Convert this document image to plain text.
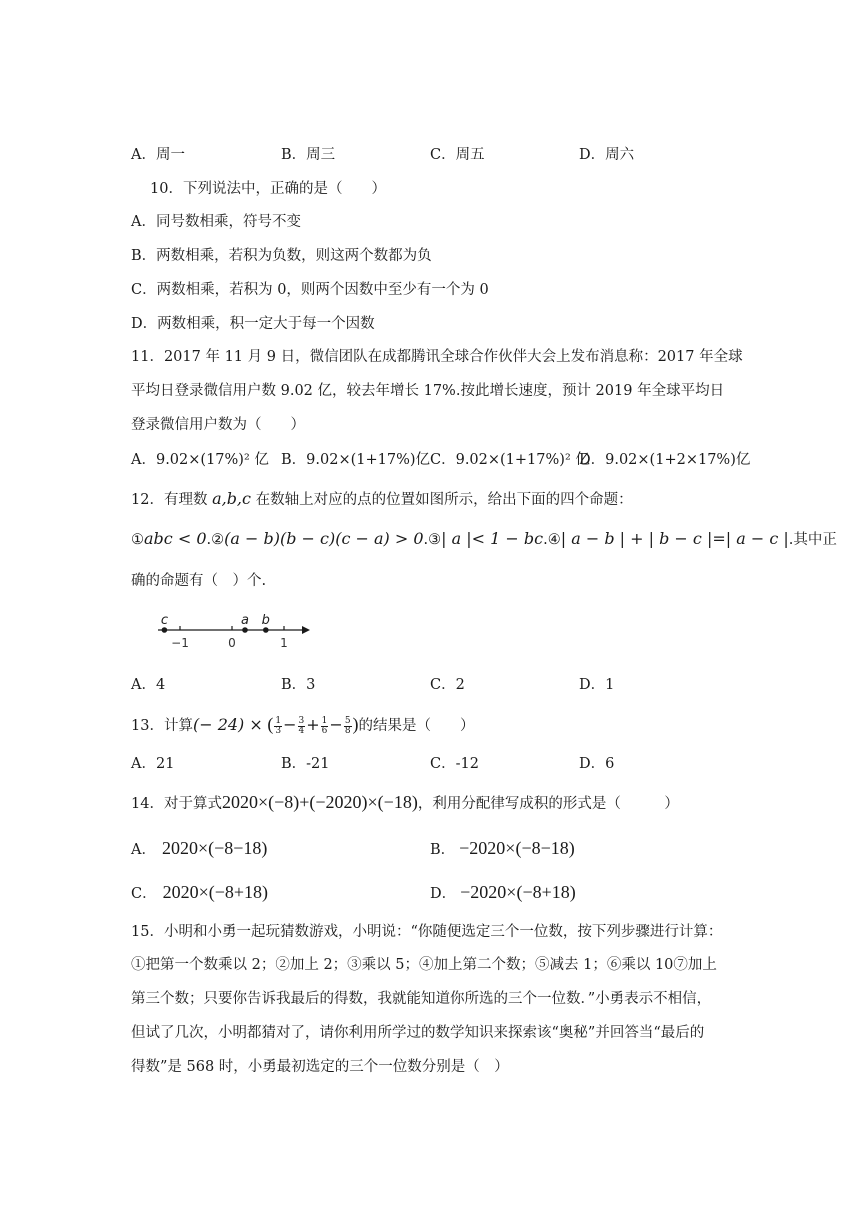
A．周一	B．周三	C．周五	D．周六
10．下列说法中，正确的是（　　）
A．同号数相乘，符号不变
B．两数相乘，若积为负数，则这两个数都为负
C．两数相乘，若积为 0，则两个因数中至少有一个为 0
D．两数相乘，积一定大于每一个因数
11．2017 年 11 月 9 日，微信团队在成都腾讯全球合作伙伴大会上发布消息称：2017 年全球
平均日登录微信用户数 9.02 亿，较去年增长 17%.按此增长速度，预计 2019 年全球平均日
登录微信用户数为（　　）
A．9.02×(17%)² 亿 B．9.02×(1+17%)亿 C．9.02×(1+17%)² 亿
D．9.02×(1+2×17%)亿
12．有理数 a,b,c 在数轴上对应的点的位置如图所示，给出下面的四个命题：
①abc < 0.②(a − b)(b − c)(c − a) > 0.③| a |< 1 − bc.④| a − b | + | b − c |=| a − c |.其中正
确的命题有（　）个.
−1	0	1
c	a b
A．4	B．3	C．2	D．1
13．计算(− 24) × ( $\frac{1}{3} - \frac{3}{4} + \frac{1}{6} - \frac{5}{8}$ )的结果是（　　）
A．21	B．-21	C．-12	D．6
14．对于算式2020×(−8)+(−2020)×(−18)，利用分配律写成积的形式是（　　　）
A． 2020×(−8−18)	B． −2020×(−8−18)
C． 2020×(−8+18)	D． −2020×(−8+18)
15．小明和小勇一起玩猜数游戏，小明说：“你随便选定三个一位数，按下列步骤进行计算：
①把第一个数乘以 2；②加上 2；③乘以 5；④加上第二个数；⑤减去 1；⑥乘以 10⑦加上
第三个数；只要你告诉我最后的得数，我就能知道你所选的三个一位数．”小勇表示不相信，
但试了几次，小明都猜对了，请你利用所学过的数学知识来探索该“奥秘”并回答当“最后的
得数”是 568 时，小勇最初选定的三个一位数分别是（　）
